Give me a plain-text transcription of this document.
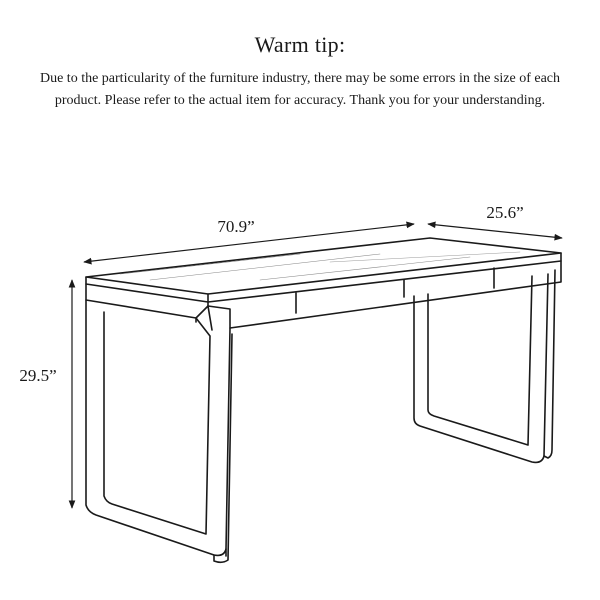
Warm tip:
Due to the particularity of the furniture industry, there may be some errors in the size of each product. Please refer to the actual item for accuracy. Thank you for your understanding.
70.9”
25.6”
29.5”
